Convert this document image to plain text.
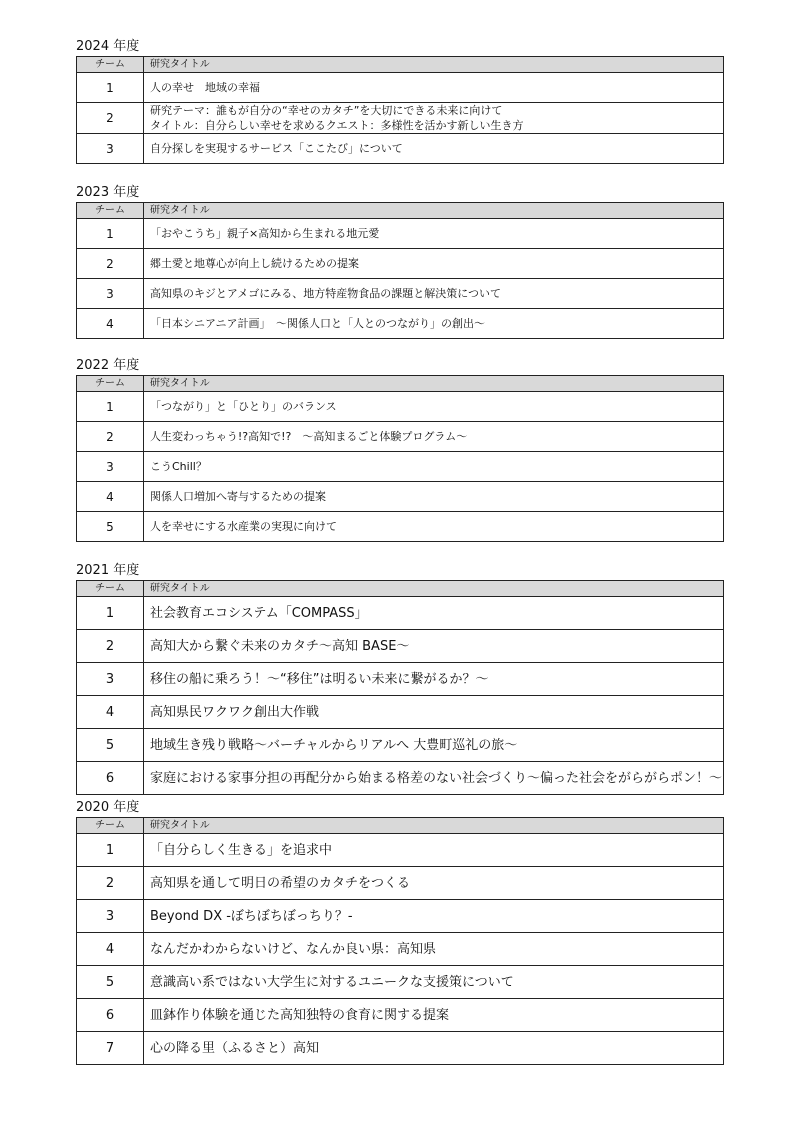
2024 年度
チーム	研究タイトル
1	人の幸せ　地域の幸福

2	研究テーマ：誰もが自分の“幸せのカタチ”を大切にできる未来に向けて
タイトル：自分らしい幸せを求めるクエスト：多様性を活かす新しい生き方

3	自分探しを実現するサービス「ここたび」について
2023 年度
チーム	研究タイトル
1	「おやこうち」親子×高知から生まれる地元愛

2	郷土愛と地尊心が向上し続けるための提案

3	高知県のキジとアメゴにみる、地方特産物食品の課題と解決策について

4	「日本シニアニア計画」　～関係人口と「人とのつながり」の創出～
2022 年度
チーム	研究タイトル
1	「つながり」と「ひとり」のバランス

2	人生変わっちゃう!?高知で!?　～高知まるごと体験プログラム～

3	こうChill？

4	関係人口増加へ寄与するための提案

5	人を幸せにする水産業の実現に向けて
2021 年度
チーム	研究タイトル
1	社会教育エコシステム「COMPASS」

2	高知大から繋ぐ未来のカタチ～高知 BASE～

3	移住の船に乗ろう！～“移住”は明るい未来に繋がるか？～

4	高知県民ワクワク創出大作戦

5	地域生き残り戦略～バーチャルからリアルへ 大豊町巡礼の旅～

6	家庭における家事分担の再配分から始まる格差のない社会づくり～偏った社会をがらがらポン！～
2020 年度
チーム	研究タイトル
1	「自分らしく生きる」を追求中

2	高知県を通して明日の希望のカタチをつくる

3	Beyond DX -ぼちぼちぼっちり？-

4	なんだかわからないけど、なんか良い県：高知県

5	意識高い系ではない大学生に対するユニークな支援策について

6	皿鉢作り体験を通じた高知独特の食育に関する提案

7	心の降る里（ふるさと）高知
